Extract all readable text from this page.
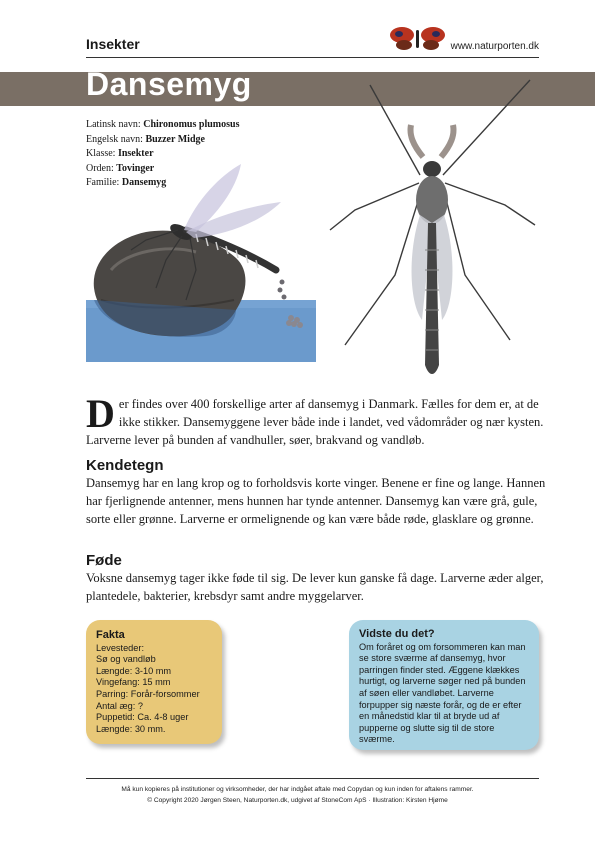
Insekter	www.naturporten.dk
Dansemyg
Latinsk navn: Chironomus plumosus
Engelsk navn: Buzzer Midge
Klasse: Insekter
Orden: Tovinger
Familie: Dansemyg
Der findes over 400 forskellige arter af dansemyg i Danmark. Fælles for dem er, at de ikke stikker. Dansemyggene lever både inde i landet, ved vådområder og nær kysten. Larverne lever på bunden af vandhuller, søer, brakvand og vandløb.
Kendetegn
Dansemyg har en lang krop og to forholdsvis korte vinger. Benene er fine og lange. Hannen har fjerlignende antenner, mens hunnen har tynde antenner. Dansemyg kan være grå, gule, sorte eller grønne. Larverne er ormelignende og kan være både røde, glasklare og grønne.
Føde
Voksne dansemyg tager ikke føde til sig. De lever kun ganske få dage. Larverne æder alger, plantedele, bakterier, krebsdyr samt andre myggelarver.
Fakta
Levesteder:
Sø og vandløb
Længde: 3-10 mm
Vingefang: 15 mm
Parring: Forår-forsommer
Antal æg: ?
Puppetid: Ca. 4-8 uger
Længde: 30 mm.
Vidste du det?
Om foråret og om forsommeren kan man se store sværme af dansemyg, hvor parringen finder sted. Æggene klækkes hurtigt, og larverne søger ned på bunden af søen eller vandløbet. Larverne forpupper sig næste forår, og de er efter en månedstid klar til at bryde ud af pupperne og slutte sig til de store sværme.
Må kun kopieres på institutioner og virksomheder, der har indgået aftale med Copydan og kun inden for aftalens rammer.
© Copyright 2020 Jørgen Steen, Naturporten.dk, udgivet af StoneCom ApS · Illustration: Kirsten Hjøme
